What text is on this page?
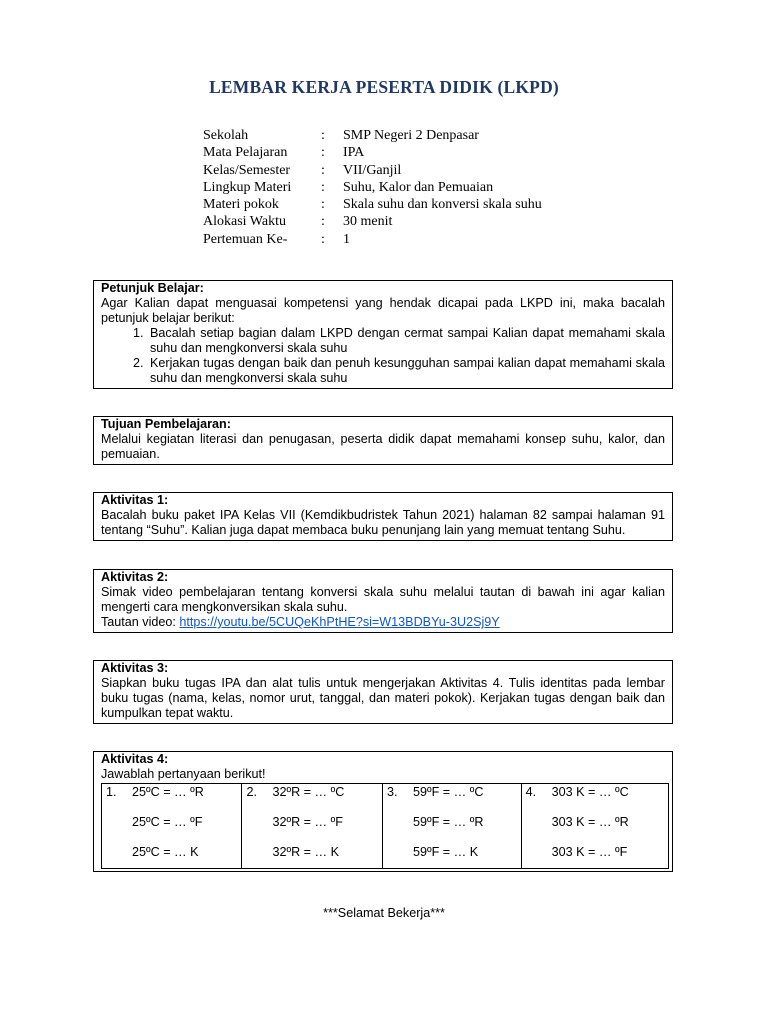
LEMBAR KERJA PESERTA DIDIK (LKPD)
Sekolah	:	SMP Negeri 2 Denpasar
Mata Pelajaran	:	IPA
Kelas/Semester	:	VII/Ganjil
Lingkup Materi	:	Suhu, Kalor dan Pemuaian
Materi pokok	:	Skala suhu dan konversi skala suhu
Alokasi Waktu	:	30 menit
Pertemuan Ke-	:	1
Petunjuk Belajar:
Agar Kalian dapat menguasai kompetensi yang hendak dicapai pada LKPD ini, maka bacalah petunjuk belajar berikut:
1. Bacalah setiap bagian dalam LKPD dengan cermat sampai Kalian dapat memahami skala suhu dan mengkonversi skala suhu
2. Kerjakan tugas dengan baik dan penuh kesungguhan sampai kalian dapat memahami skala suhu dan mengkonversi skala suhu
Tujuan Pembelajaran:
Melalui kegiatan literasi dan penugasan, peserta didik dapat memahami konsep suhu, kalor, dan pemuaian.
Aktivitas 1:
Bacalah buku paket IPA Kelas VII (Kemdikbudristek Tahun 2021) halaman 82 sampai halaman 91 tentang “Suhu”. Kalian juga dapat membaca buku penunjang lain yang memuat tentang Suhu.
Aktivitas 2:
Simak video pembelajaran tentang konversi skala suhu melalui tautan di bawah ini agar kalian mengerti cara mengkonversikan skala suhu.
Tautan video: https://youtu.be/5CUQeKhPtHE?si=W13BDBYu-3U2Sj9Y
Aktivitas 3:
Siapkan buku tugas IPA dan alat tulis untuk mengerjakan Aktivitas 4. Tulis identitas pada lembar buku tugas (nama, kelas, nomor urut, tanggal, dan materi pokok). Kerjakan tugas dengan baik dan kumpulkan tepat waktu.
Aktivitas 4:
Jawablah pertanyaan berikut!
1. 25ºC = … ºR
25ºC = … ºF
25ºC = … K

2. 32ºR = … ºC
32ºR = … ºF
32ºR = … K

3. 59ºF = … ºC
59ºF = … ºR
59ºF = … K

4. 303 K = … ºC
303 K = … ºR
303 K = … ºF
***Selamat Bekerja***
